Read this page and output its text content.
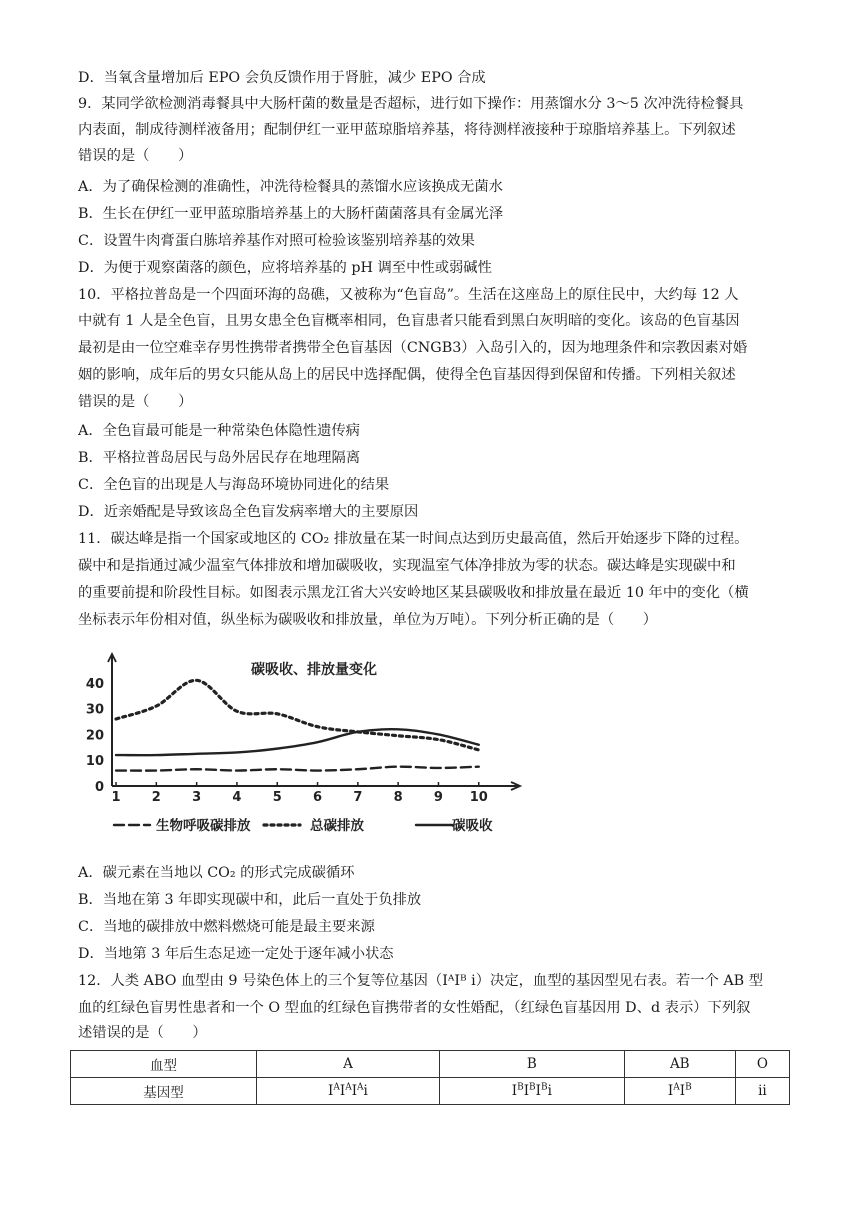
D．当氧含量增加后 EPO 会负反馈作用于肾脏，减少 EPO 合成
9．某同学欲检测消毒餐具中大肠杆菌的数量是否超标，进行如下操作：用蒸馏水分 3～5 次冲洗待检餐具
内表面，制成待测样液备用；配制伊红一亚甲蓝琼脂培养基，将待测样液接种于琼脂培养基上。下列叙述
错误的是（　　）
A．为了确保检测的准确性，冲洗待检餐具的蒸馏水应该换成无菌水
B．生长在伊红一亚甲蓝琼脂培养基上的大肠杆菌菌落具有金属光泽
C．设置牛肉膏蛋白胨培养基作对照可检验该鉴别培养基的效果
D．为便于观察菌落的颜色，应将培养基的 pH 调至中性或弱碱性
10．平格拉普岛是一个四面环海的岛礁，又被称为“色盲岛”。生活在这座岛上的原住民中，大约每 12 人
中就有 1 人是全色盲，且男女患全色盲概率相同，色盲患者只能看到黑白灰明暗的变化。该岛的色盲基因
最初是由一位空难幸存男性携带者携带全色盲基因（CNGB3）入岛引入的，因为地理条件和宗教因素对婚
姻的影响，成年后的男女只能从岛上的居民中选择配偶，使得全色盲基因得到保留和传播。下列相关叙述
错误的是（　　）
A．全色盲最可能是一种常染色体隐性遗传病
B．平格拉普岛居民与岛外居民存在地理隔离
C．全色盲的出现是人与海岛环境协同进化的结果
D．近亲婚配是导致该岛全色盲发病率增大的主要原因
11．碳达峰是指一个国家或地区的 CO₂ 排放量在某一时间点达到历史最高值，然后开始逐步下降的过程。
碳中和是指通过减少温室气体排放和增加碳吸收，实现温室气体净排放为零的状态。碳达峰是实现碳中和
的重要前提和阶段性目标。如图表示黑龙江省大兴安岭地区某县碳吸收和排放量在最近 10 年中的变化（横
坐标表示年份相对值，纵坐标为碳吸收和排放量，单位为万吨）。下列分析正确的是（　　）
碳吸收、排放量变化
0
10
20
30
40
1 2 3 4 5 6 7 8 9 10
生物呼吸碳排放	总碳排放	碳吸收
A．碳元素在当地以 CO₂ 的形式完成碳循环
B．当地在第 3 年即实现碳中和，此后一直处于负排放
C．当地的碳排放中燃料燃烧可能是最主要来源
D．当地第 3 年后生态足迹一定处于逐年减小状态
12．人类 ABO 血型由 9 号染色体上的三个复等位基因（IᴬIᴮ i）决定，血型的基因型见右表。若一个 AB 型
血的红绿色盲男性患者和一个 O 型血的红绿色盲携带者的女性婚配，（红绿色盲基因用 D、d 表示）下列叙
述错误的是（　　）
血型	A	B	AB	O
基因型	$I^AI^AI^Ai$	$I^BI^BI^Bi$	$I^AI^B$	ii
